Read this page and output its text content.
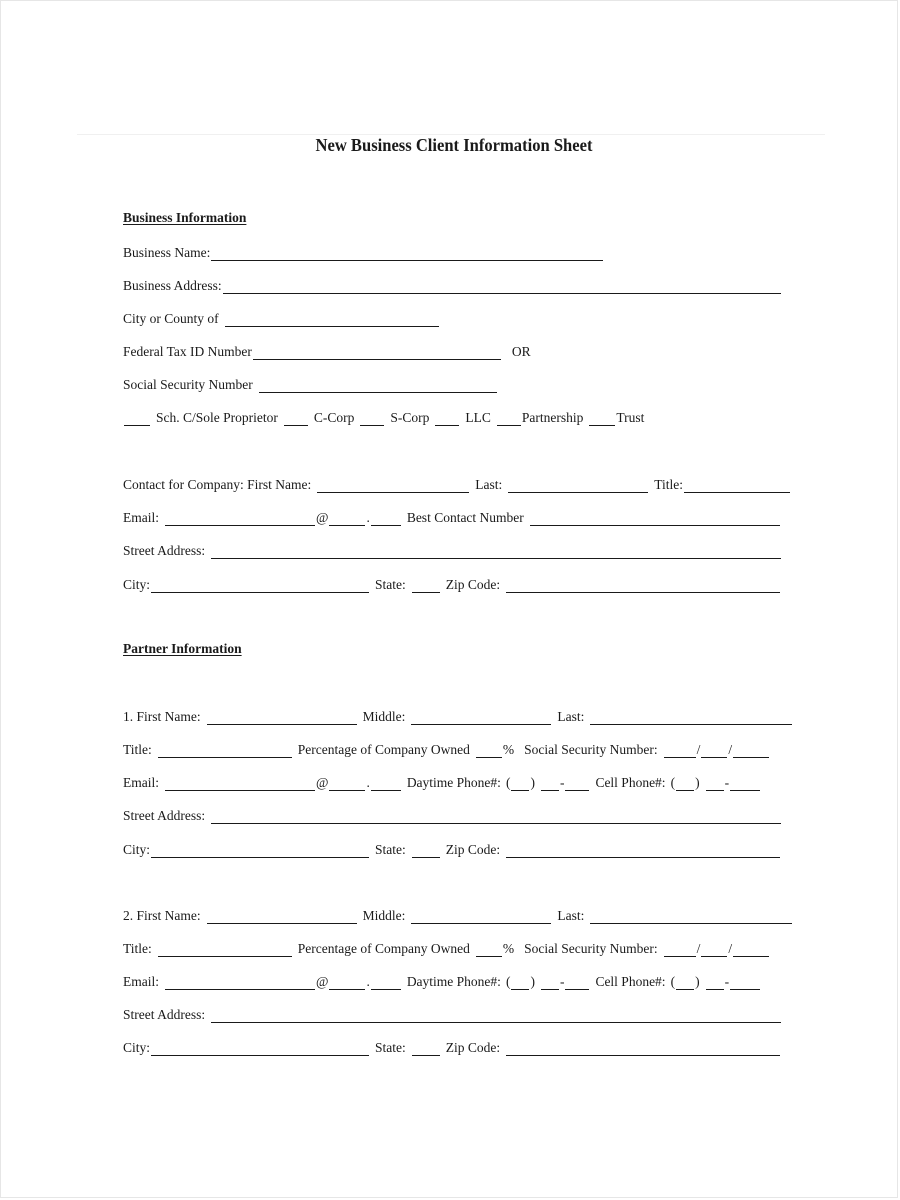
New Business Client Information Sheet
Business Information
Business Name:
Business Address:
City or County of
Federal Tax ID Number	OR
Social Security Number
Sch. C/Sole Proprietor	C-Corp	S-Corp	LLC Partnership Trust
Contact for Company: First Name:	Last:	Title:
Email:	@	.	Best Contact Number
Street Address:
City:	State:	Zip Code:
Partner Information
1. First Name:	Middle:	Last:
Title:	Percentage of Company Owned % Social Security Number:	/ /
Email:	@	.	Daytime Phone#: ( ) - Cell Phone#: ( ) -
Street Address:
City:	State:	Zip Code:
2. First Name:	Middle:	Last:
Title:	Percentage of Company Owned % Social Security Number:	/ /
Email:	@	.	Daytime Phone#: ( ) - Cell Phone#: ( ) -
Street Address:
City:	State:	Zip Code:
